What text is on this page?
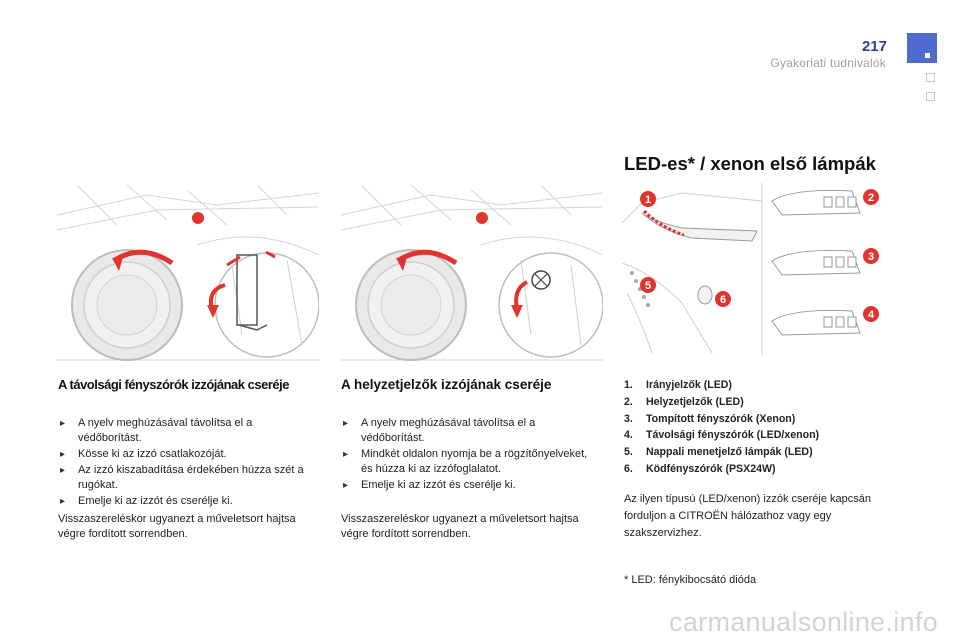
217
Gyakorlati tudnivalók
LED-es* / xenon első lámpák
1	2
3
4
5
6
A távolsági fényszórók izzójának cseréje
▸ A nyelv meghúzásával távolítsa el a védőborítást.
▸ Kösse ki az izzó csatlakozóját.
▸ Az izzó kiszabadítása érdekében húzza szét a rugókat.
▸ Emelje ki az izzót és cserélje ki.
Visszaszereléskor ugyanezt a műveletsort hajtsa végre fordított sorrendben.
A helyzetjelzők izzójának cseréje
▸ A nyelv meghúzásával távolítsa el a védőborítást.
▸ Mindkét oldalon nyomja be a rögzítőnyelveket, és húzza ki az izzófoglalatot.
▸ Emelje ki az izzót és cserélje ki.
Visszaszereléskor ugyanezt a műveletsort hajtsa végre fordított sorrendben.
1. Irányjelzők (LED)
2. Helyzetjelzők (LED)
3. Tompított fényszórók (Xenon)
4. Távolsági fényszórók (LED/xenon)
5. Nappali menetjelző lámpák (LED)
6. Ködfényszórók (PSX24W)
Az ilyen típusú (LED/xenon) izzók cseréje kapcsán forduljon a CITROËN hálózathoz vagy egy szakszervizhez.
* LED: fénykibocsátó dióda
carmanualsonline.info
